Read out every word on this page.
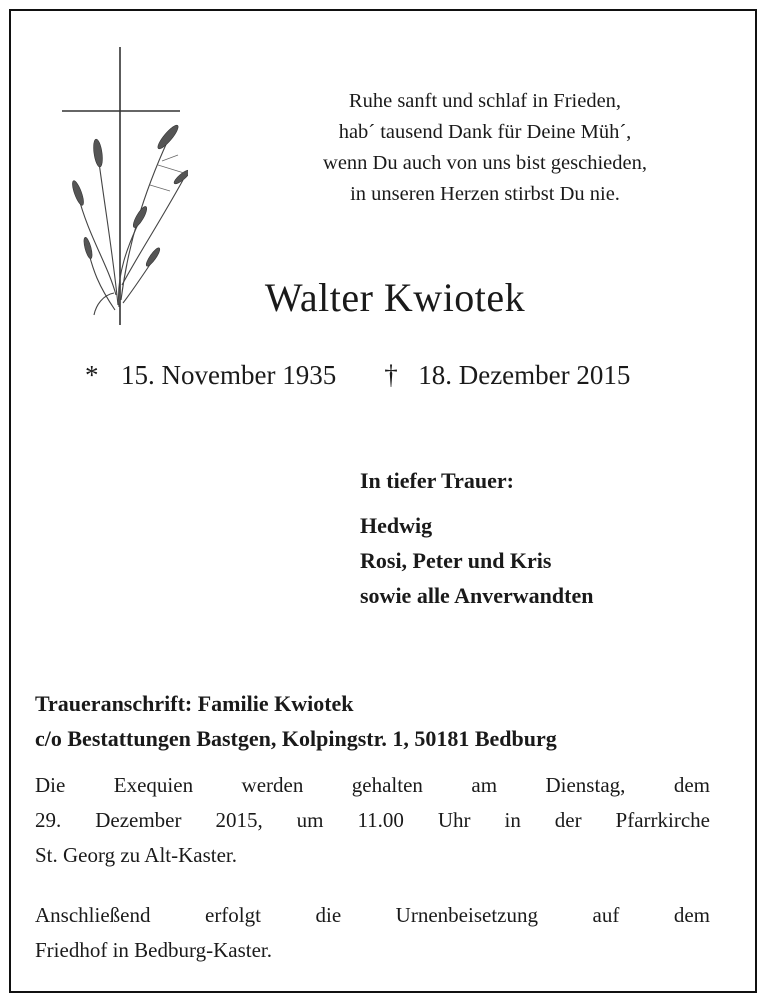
Ruhe sanft und schlaf in Frieden,
hab´ tausend Dank für Deine Müh´,
wenn Du auch von uns bist geschieden,
in unseren Herzen stirbst Du nie.
Walter Kwiotek
* 15. November 1935 † 18. Dezember 2015
In tiefer Trauer:
Hedwig
Rosi, Peter und Kris
sowie alle Anverwandten
Traueranschrift: Familie Kwiotek
c/o Bestattungen Bastgen, Kolpingstr. 1, 50181 Bedburg
Die Exequien werden gehalten am Dienstag, dem
29. Dezember 2015, um 11.00 Uhr in der Pfarrkirche
St. Georg zu Alt-Kaster.
Anschließend erfolgt die Urnenbeisetzung auf dem
Friedhof in Bedburg-Kaster.
